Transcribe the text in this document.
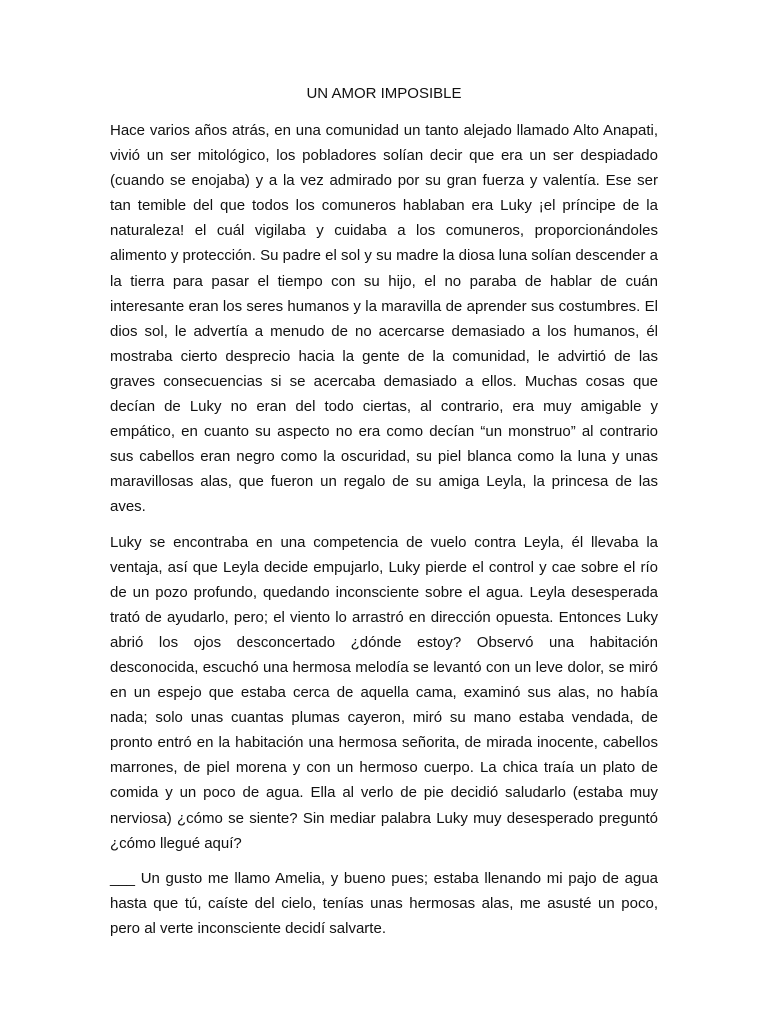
UN AMOR IMPOSIBLE

Hace varios años atrás, en una comunidad un tanto alejado llamado Alto Anapati, vivió un ser mitológico, los pobladores solían decir que era un ser despiadado (cuando se enojaba) y a la vez admirado por su gran fuerza y valentía. Ese ser tan temible del que todos los comuneros hablaban era Luky ¡el príncipe de la naturaleza! el cuál vigilaba y cuidaba a los comuneros, proporcionándoles alimento y protección. Su padre el sol y su madre la diosa luna solían descender a la tierra para pasar el tiempo con su hijo, el no paraba de hablar de cuán interesante eran los seres humanos y la maravilla de aprender sus costumbres. El dios sol, le advertía a menudo de no acercarse demasiado a los humanos, él mostraba cierto desprecio hacia la gente de la comunidad, le advirtió de las graves consecuencias si se acercaba demasiado a ellos. Muchas cosas que decían de Luky no eran del todo ciertas, al contrario, era muy amigable y empático, en cuanto su aspecto no era como decían “un monstruo” al contrario sus cabellos eran negro como la oscuridad, su piel blanca como la luna y unas maravillosas alas, que fueron un regalo de su amiga Leyla, la princesa de las aves.

Luky se encontraba en una competencia de vuelo contra Leyla, él llevaba la ventaja, así que Leyla decide empujarlo, Luky pierde el control y cae sobre el río de un pozo profundo, quedando inconsciente sobre el agua. Leyla desesperada trató de ayudarlo, pero; el viento lo arrastró en dirección opuesta. Entonces Luky abrió los ojos desconcertado ¿dónde estoy? Observó una habitación desconocida, escuchó una hermosa melodía se levantó con un leve dolor, se miró en un espejo que estaba cerca de aquella cama, examinó sus alas, no había nada; solo unas cuantas plumas cayeron, miró su mano estaba vendada, de pronto entró en la habitación una hermosa señorita, de mirada inocente, cabellos marrones, de piel morena y con un hermoso cuerpo. La chica traía un plato de comida y un poco de agua. Ella al verlo de pie decidió saludarlo (estaba muy nerviosa) ¿cómo se siente? Sin mediar palabra Luky muy desesperado preguntó ¿cómo llegué aquí?

___ Un gusto me llamo Amelia, y bueno pues; estaba llenando mi pajo de agua hasta que tú, caíste del cielo, tenías unas hermosas alas, me asusté un poco, pero al verte inconsciente decidí salvarte.
